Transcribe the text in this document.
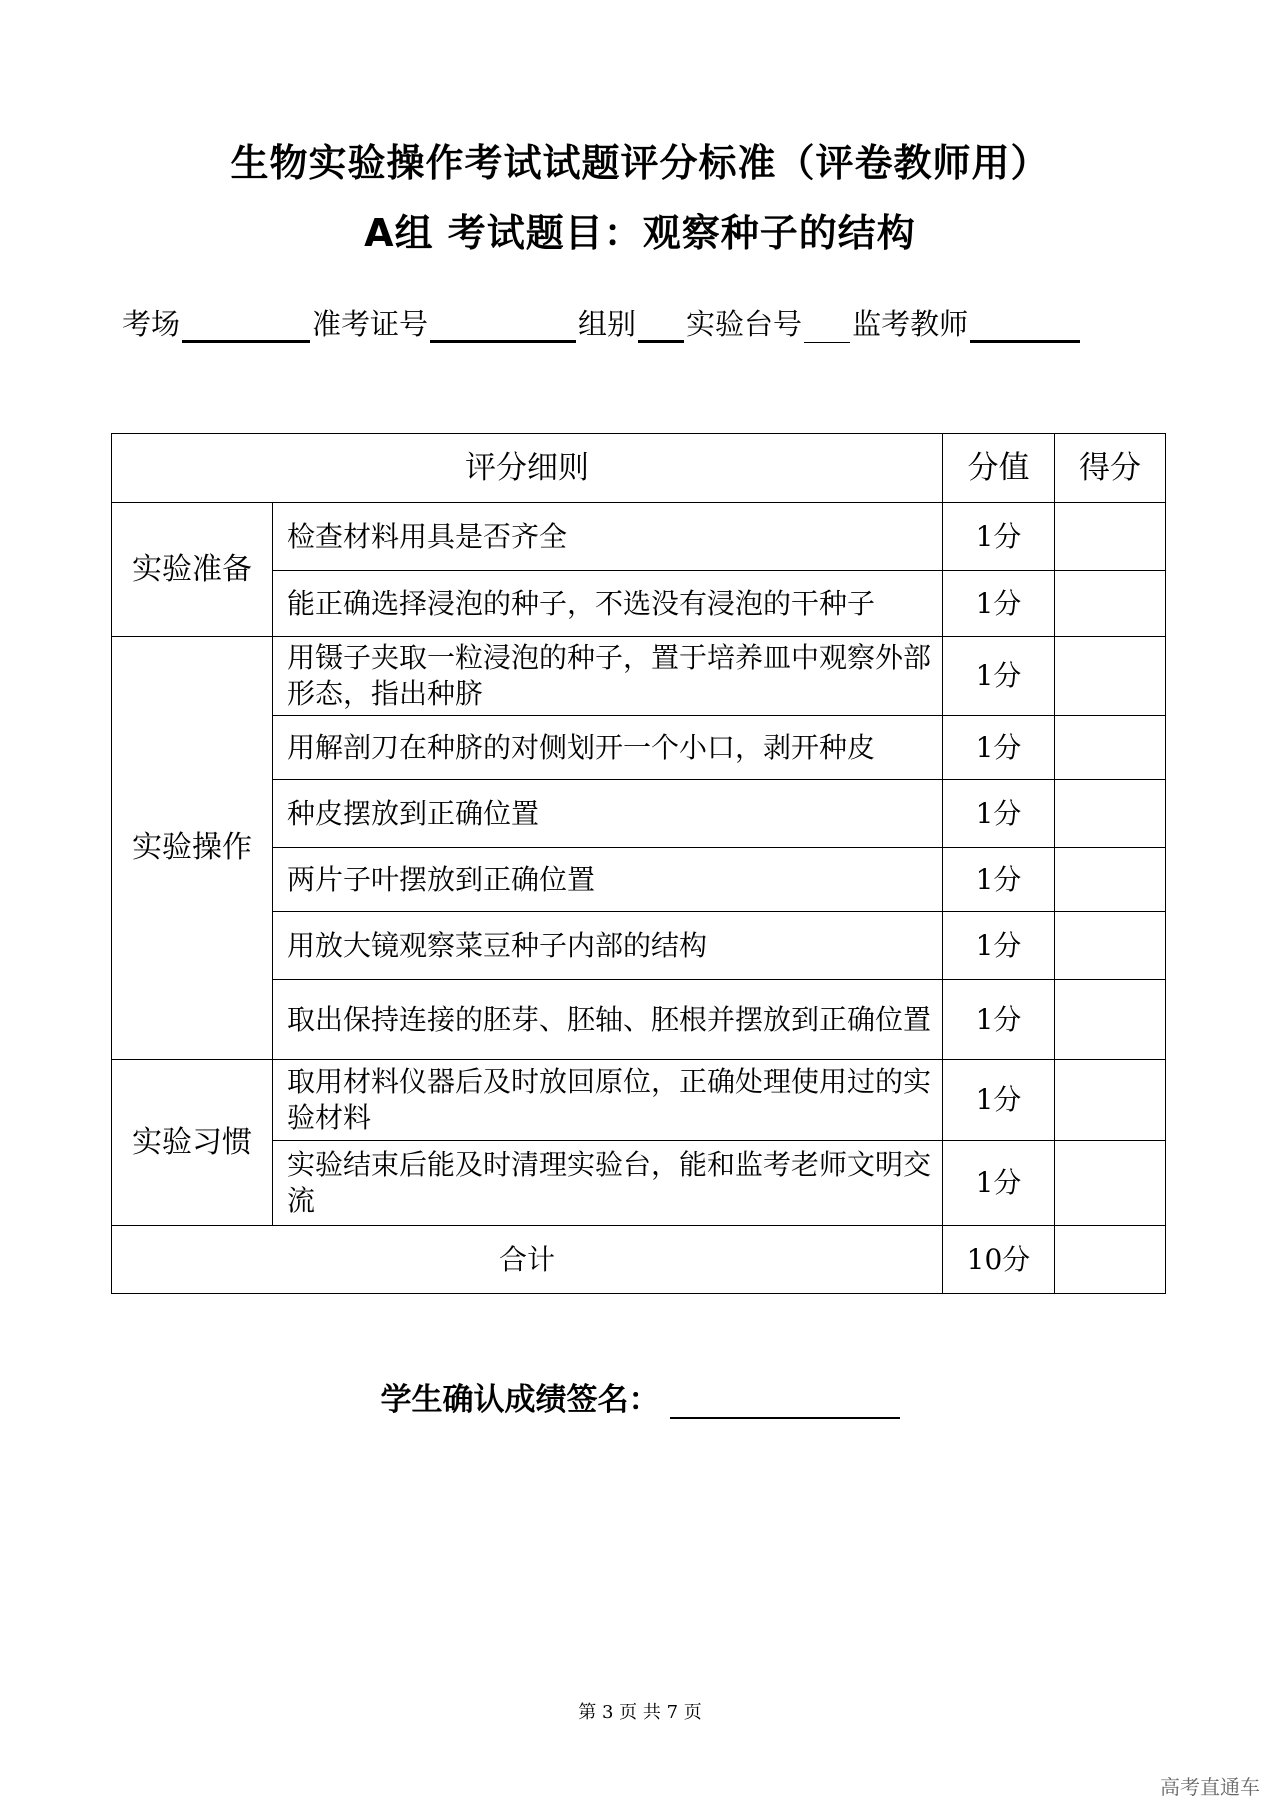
生物实验操作考试试题评分标准（评卷教师用）
A组 考试题目：观察种子的结构
考场	准考证号	组别 实验台号 监考教师
评分细则		分值	得分
实验准备	检查材料用具是否齐全	1分	
	能正确选择浸泡的种子，不选没有浸泡的干种子	1分	
实验操作	用镊子夹取一粒浸泡的种子，置于培养皿中观察外部形态，指出种脐	1分	
	用解剖刀在种脐的对侧划开一个小口，剥开种皮	1分	
	种皮摆放到正确位置	1分	
	两片子叶摆放到正确位置	1分	
	用放大镜观察菜豆种子内部的结构	1分	
	取出保持连接的胚芽、胚轴、胚根并摆放到正确位置	1分	
实验习惯	取用材料仪器后及时放回原位，正确处理使用过的实验材料	1分	
	实验结束后能及时清理实验台，能和监考老师文明交流	1分	
合计		10分	
学生确认成绩签名：
第 3 页 共 7 页
高考直通车
